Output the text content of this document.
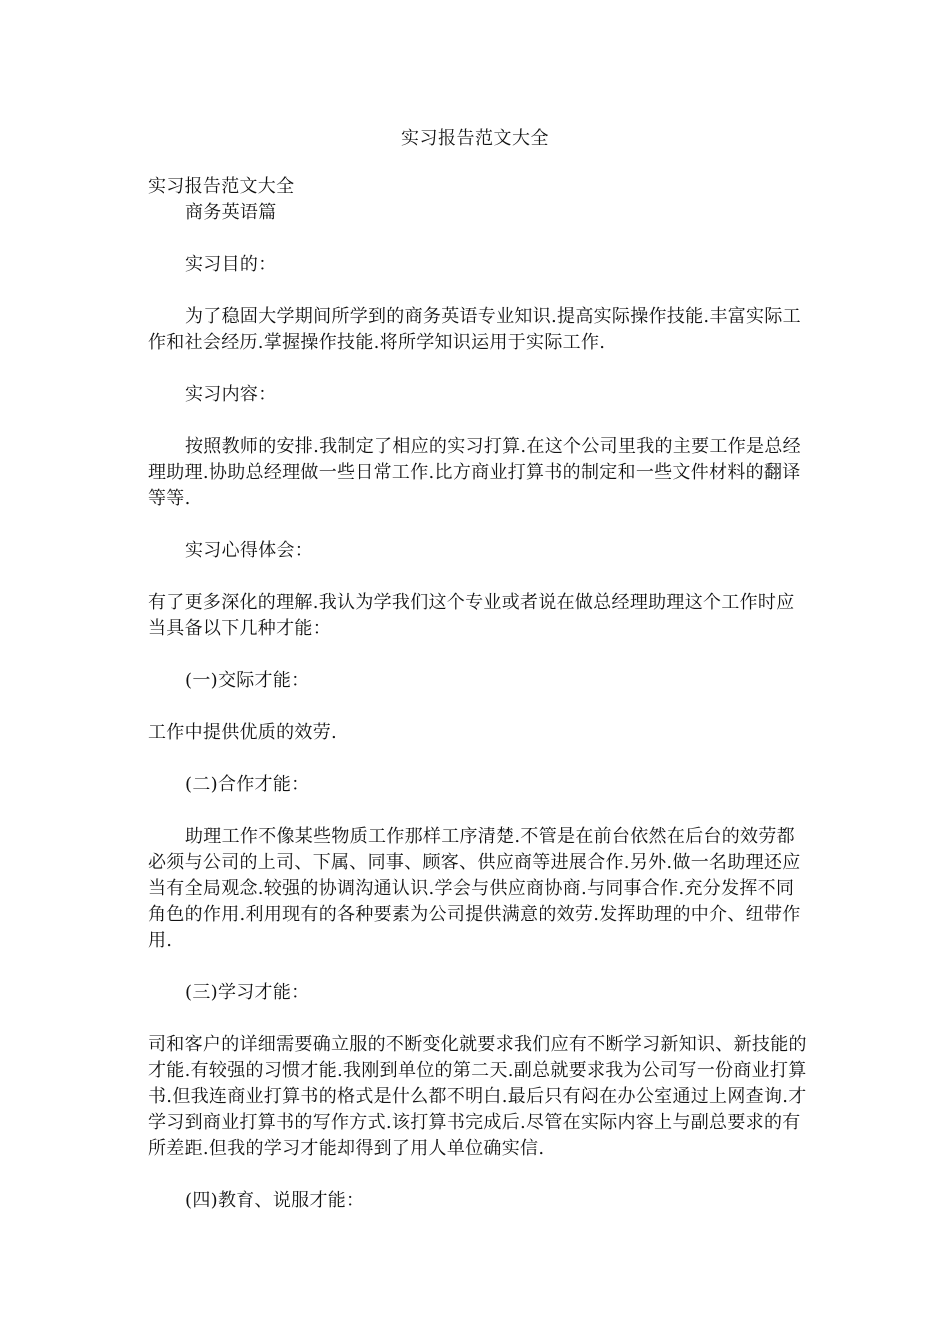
实习报告范文大全

实习报告范文大全

商务英语篇

实习目的：

为了稳固大学期间所学到的商务英语专业知识.提高实际操作技能.丰富实际工作和社会经历.掌握操作技能.将所学知识运用于实际工作.

实习内容：

按照教师的安排.我制定了相应的实习打算.在这个公司里我的主要工作是总经理助理.协助总经理做一些日常工作.比方商业打算书的制定和一些文件材料的翻译等等.

实习心得体会：

有了更多深化的理解.我认为学我们这个专业或者说在做总经理助理这个工作时应当具备以下几种才能：

(一)交际才能：

工作中提供优质的效劳.

(二)合作才能：

助理工作不像某些物质工作那样工序清楚.不管是在前台依然在后台的效劳都必须与公司的上司、下属、同事、顾客、供应商等进展合作.另外.做一名助理还应当有全局观念.较强的协调沟通认识.学会与供应商协商.与同事合作.充分发挥不同角色的作用.利用现有的各种要素为公司提供满意的效劳.发挥助理的中介、纽带作用.

(三)学习才能：

司和客户的详细需要确立服的不断变化就要求我们应有不断学习新知识、新技能的才能.有较强的习惯才能.我刚到单位的第二天.副总就要求我为公司写一份商业打算书.但我连商业打算书的格式是什么都不明白.最后只有闷在办公室通过上网查询.才学习到商业打算书的写作方式.该打算书完成后.尽管在实际内容上与副总要求的有所差距.但我的学习才能却得到了用人单位确实信.

(四)教育、说服才能：
